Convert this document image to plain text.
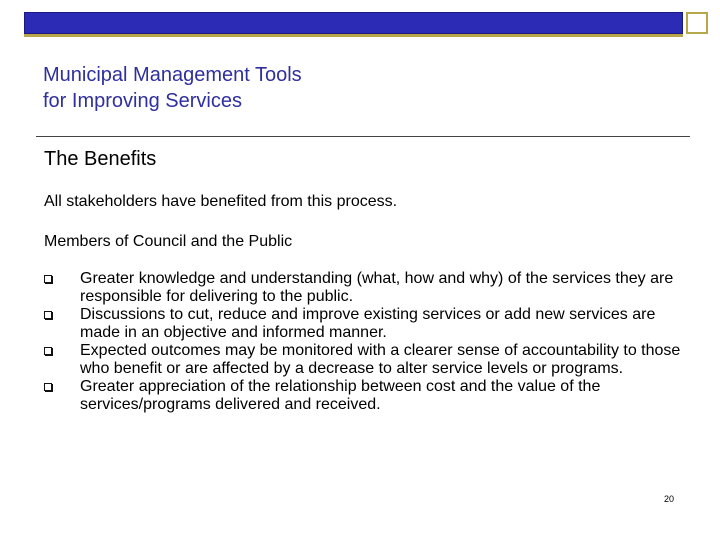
Municipal Management Tools
for Improving Services
The Benefits
All stakeholders have benefited from this process.
Members of Council and the Public
Greater knowledge and understanding (what, how and why) of the services they are responsible for delivering to the public.
Discussions to cut, reduce and improve existing services or add new services are made in an objective and informed manner.
Expected outcomes may be monitored with a clearer sense of accountability to those who benefit or are affected by a decrease to alter service levels or programs.
Greater appreciation of the relationship between cost and the value of the services/programs delivered and received.
20
